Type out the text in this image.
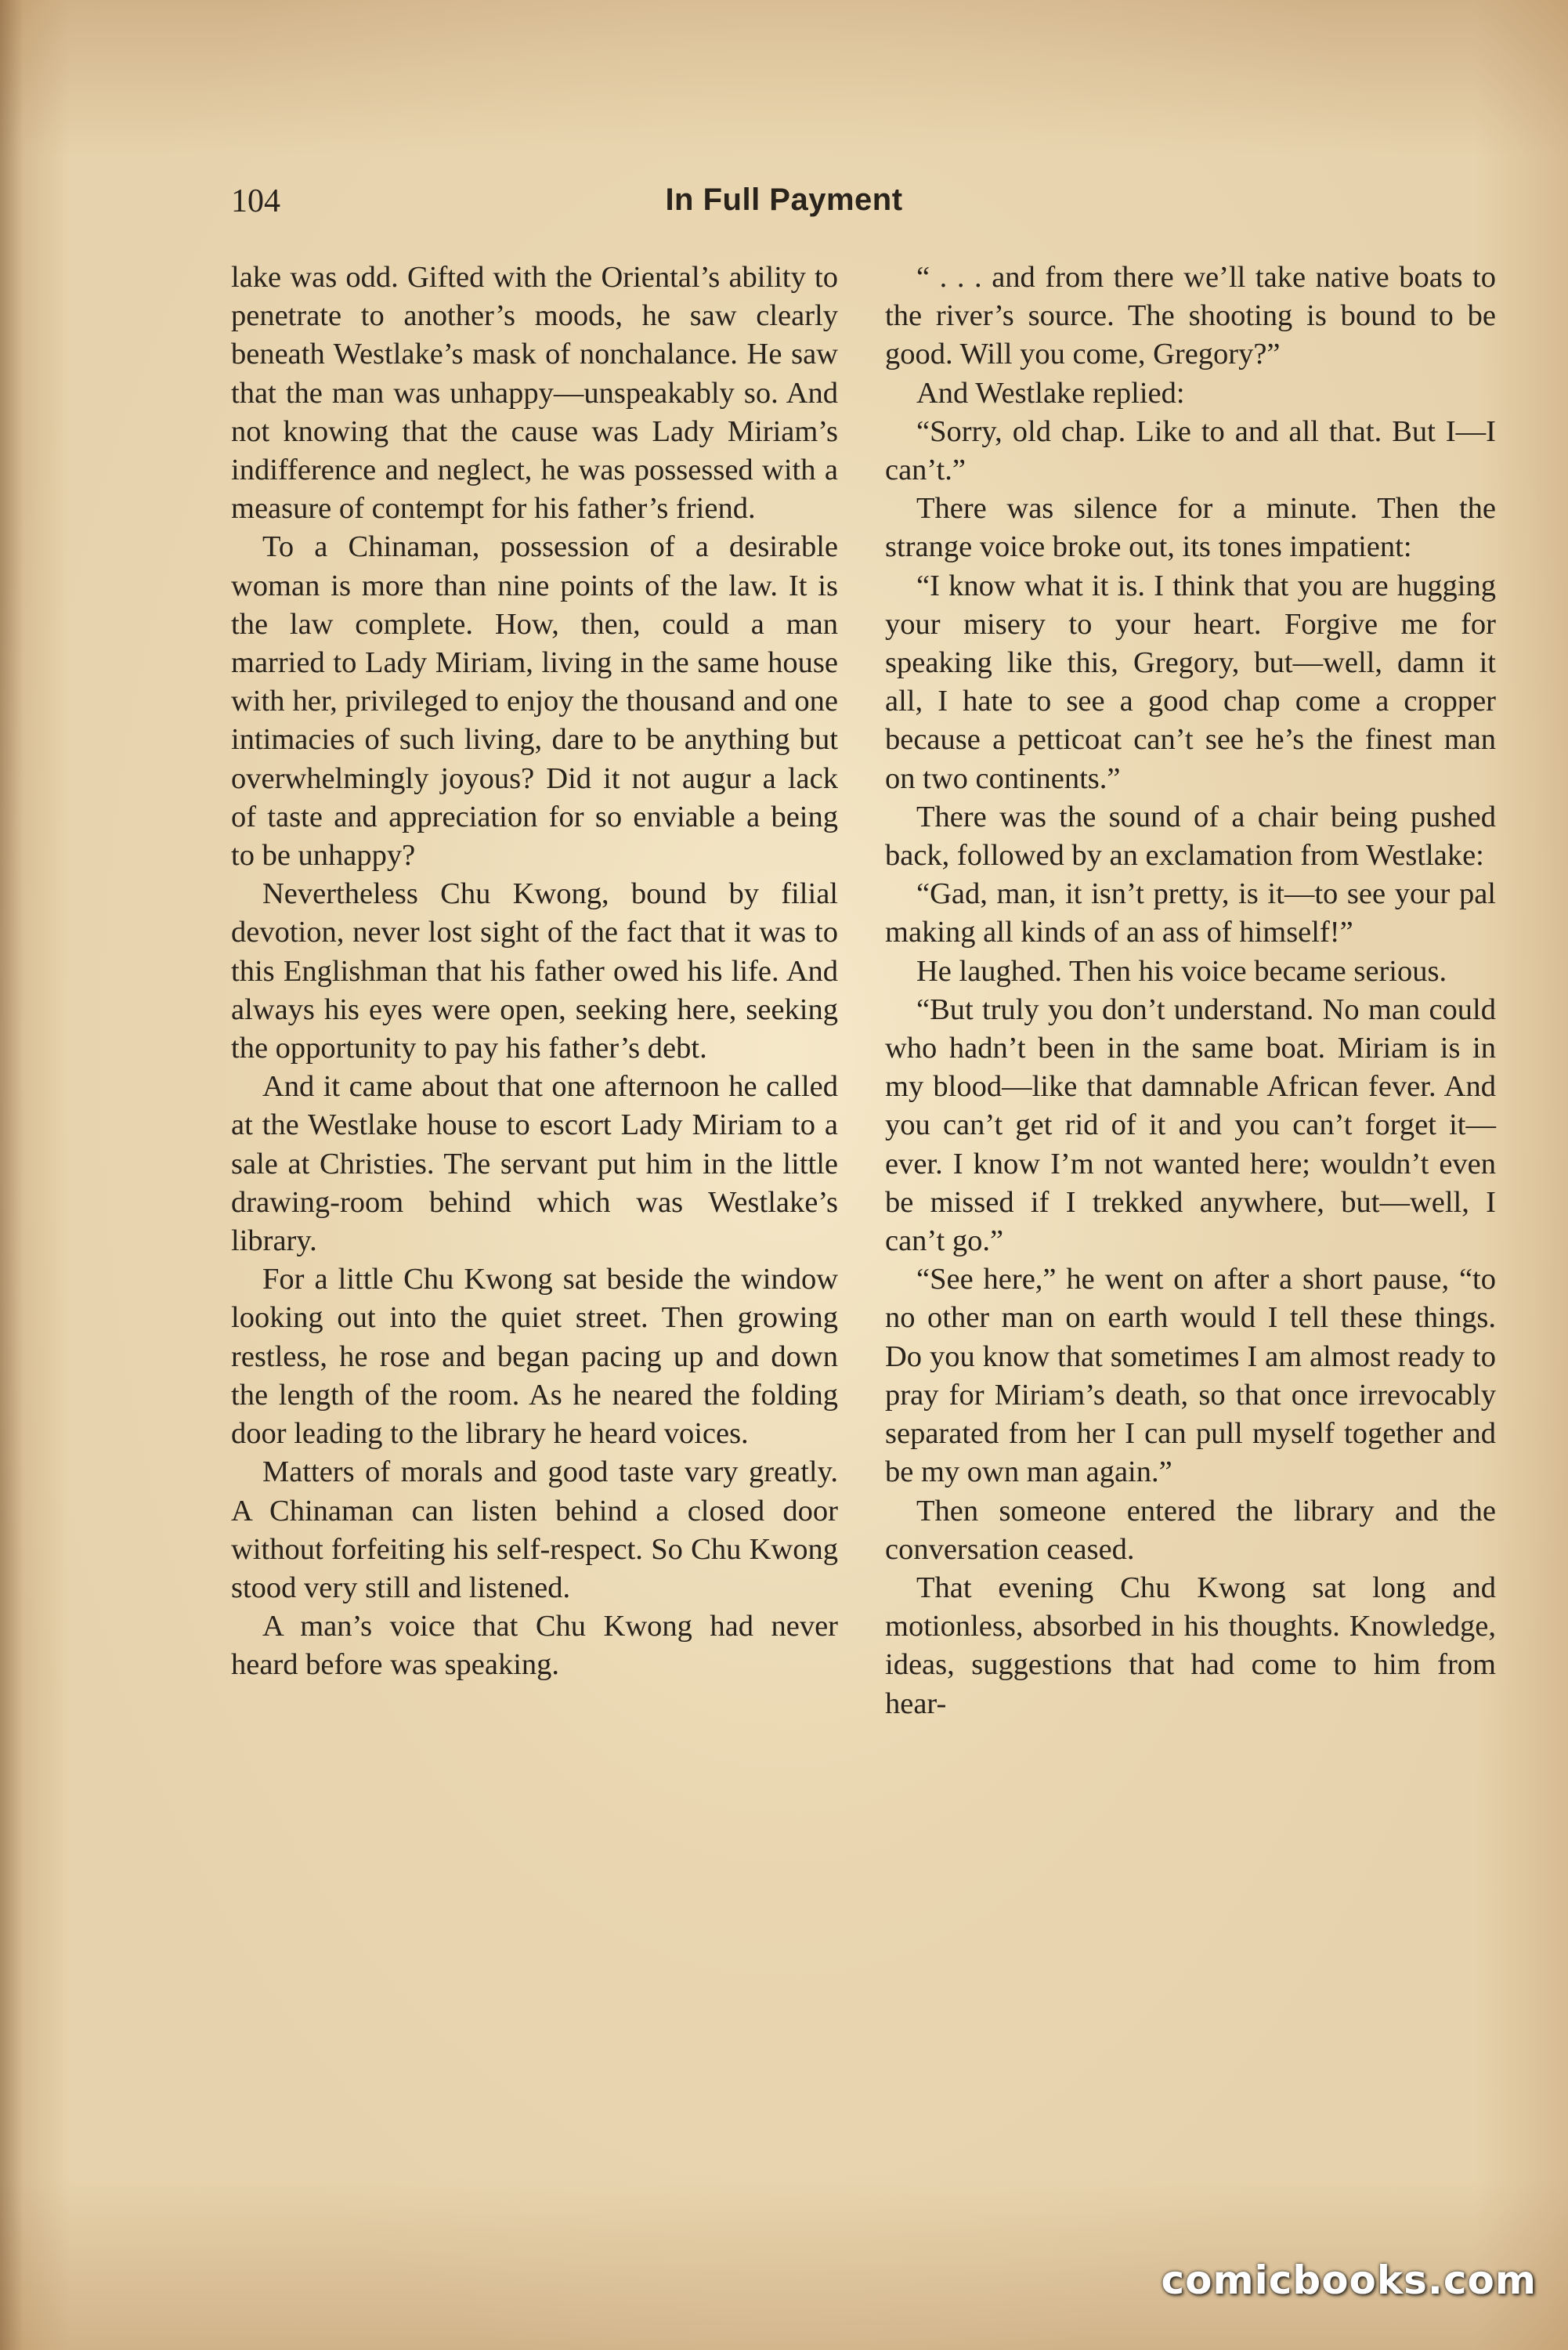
104	In Full Payment

lake was odd. Gifted with the Oriental’s ability to penetrate to another’s moods, he saw clearly beneath Westlake’s mask of nonchalance. He saw that the man was unhappy—unspeakably so. And not knowing that the cause was Lady Miriam’s indifference and neglect, he was possessed with a measure of contempt for his father’s friend.

To a Chinaman, possession of a desirable woman is more than nine points of the law. It is the law complete. How, then, could a man married to Lady Miriam, living in the same house with her, privileged to enjoy the thousand and one intimacies of such living, dare to be anything but overwhelmingly joyous? Did it not augur a lack of taste and appreciation for so enviable a being to be unhappy?

Nevertheless Chu Kwong, bound by filial devotion, never lost sight of the fact that it was to this Englishman that his father owed his life. And always his eyes were open, seeking here, seeking the opportunity to pay his father’s debt.

And it came about that one afternoon he called at the Westlake house to escort Lady Miriam to a sale at Christies. The servant put him in the little drawing-room behind which was Westlake’s library.

For a little Chu Kwong sat beside the window looking out into the quiet street. Then growing restless, he rose and began pacing up and down the length of the room. As he neared the folding door leading to the library he heard voices.

Matters of morals and good taste vary greatly. A Chinaman can listen behind a closed door without forfeiting his self-respect. So Chu Kwong stood very still and listened.

A man’s voice that Chu Kwong had never heard before was speaking.

“ . . . and from there we’ll take native boats to the river’s source. The shooting is bound to be good. Will you come, Gregory?”

And Westlake replied:

“Sorry, old chap. Like to and all that. But I—I can’t.”

There was silence for a minute. Then the strange voice broke out, its tones impatient:

“I know what it is. I think that you are hugging your misery to your heart. Forgive me for speaking like this, Gregory, but—well, damn it all, I hate to see a good chap come a cropper because a petticoat can’t see he’s the finest man on two continents.”

There was the sound of a chair being pushed back, followed by an exclamation from Westlake:

“Gad, man, it isn’t pretty, is it—to see your pal making all kinds of an ass of himself!”

He laughed. Then his voice became serious.

“But truly you don’t understand. No man could who hadn’t been in the same boat. Miriam is in my blood—like that damnable African fever. And you can’t get rid of it and you can’t forget it—ever. I know I’m not wanted here; wouldn’t even be missed if I trekked anywhere, but—well, I can’t go.”

“See here,” he went on after a short pause, “to no other man on earth would I tell these things. Do you know that sometimes I am almost ready to pray for Miriam’s death, so that once irrevocably separated from her I can pull myself together and be my own man again.”

Then someone entered the library and the conversation ceased.

That evening Chu Kwong sat long and motionless, absorbed in his thoughts. Knowledge, ideas, suggestions that had come to him from hear-

comicbooks.com
